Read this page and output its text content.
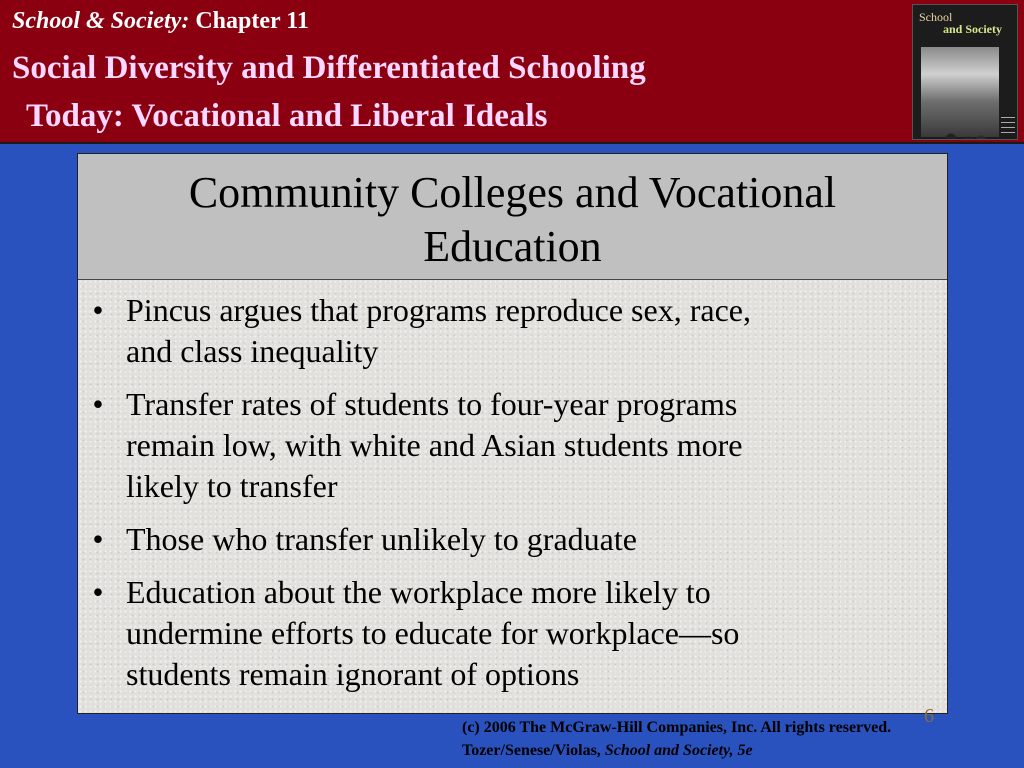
School & Society: Chapter 11
Social Diversity and Differentiated Schooling
Today: Vocational and Liberal Ideals
School
and Society
Community Colleges and Vocational
Education
• Pincus argues that programs reproduce sex, race,
and class inequality
• Transfer rates of students to four-year programs
remain low, with white and Asian students more
likely to transfer
• Those who transfer unlikely to graduate
• Education about the workplace more likely to
undermine efforts to educate for workplace—so
students remain ignorant of options
6
(c) 2006 The McGraw-Hill Companies, Inc. All rights reserved.
Tozer/Senese/Violas, School and Society, 5e
